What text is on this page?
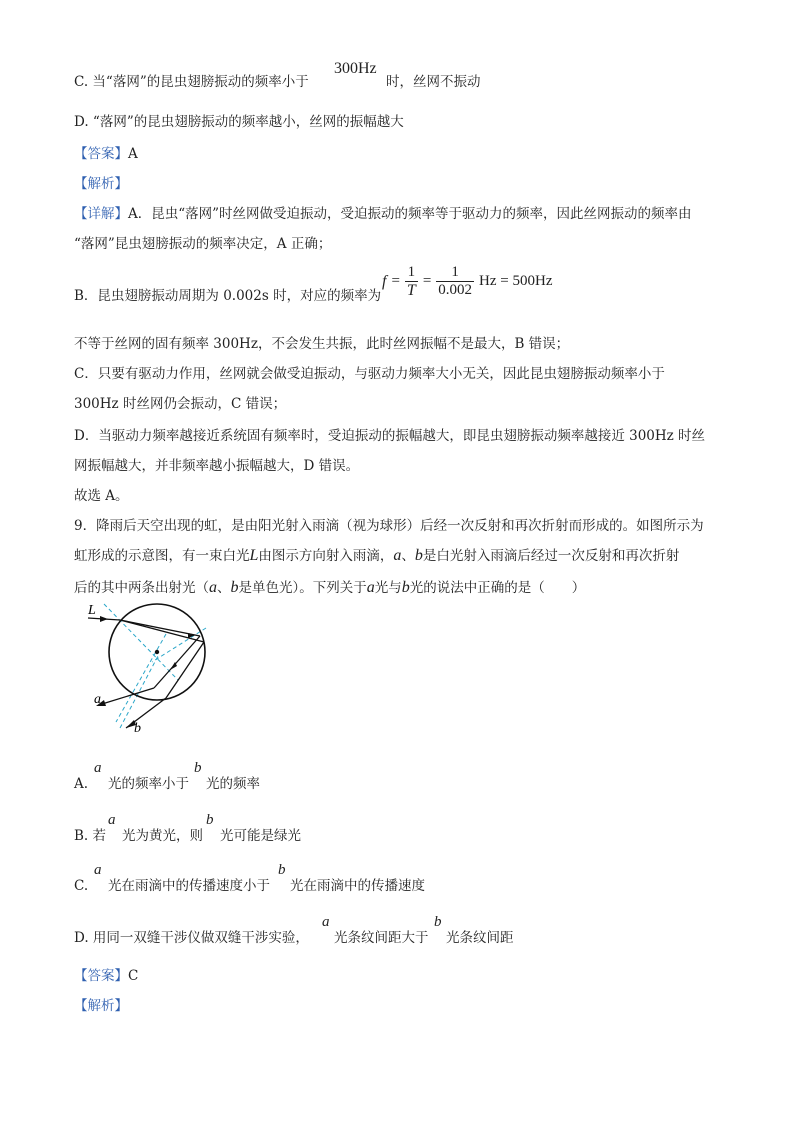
C. 当“落网”的昆虫翅膀振动的频率小于
300Hz
时，丝网不振动
D. “落网”的昆虫翅膀振动的频率越小，丝网的振幅越大
【答案】A
【解析】
【详解】A．昆虫“落网”时丝网做受迫振动，受迫振动的频率等于驱动力的频率，因此丝网振动的频率由
“落网”昆虫翅膀振动的频率决定，A 正确；
B．昆虫翅膀振动周期为 0.002s 时，对应的频率为
$f = \frac{1}{T} = \frac{1}{0.002}$ Hz = 500Hz
不等于丝网的固有频率 300Hz，不会发生共振，此时丝网振幅不是最大，B 错误；
C．只要有驱动力作用，丝网就会做受迫振动，与驱动力频率大小无关，因此昆虫翅膀振动频率小于
300Hz 时丝网仍会振动，C 错误；
D．当驱动力频率越接近系统固有频率时，受迫振动的振幅越大，即昆虫翅膀振动频率越接近 300Hz 时丝
网振幅越大，并非频率越小振幅越大，D 错误。
故选 A。
9．降雨后天空出现的虹，是由阳光射入雨滴（视为球形）后经一次反射和再次折射而形成的。如图所示为
虹形成的示意图，有一束白光L由图示方向射入雨滴，a、b是白光射入雨滴后经过一次反射和再次折射
后的其中两条出射光（a、b是单色光）。下列关于a光与b光的说法中正确的是（　　）
L
a
b
A.
a
光的频率小于
b
光的频率
B. 若
a
光为黄光，则
b
光可能是绿光
C.
a
光在雨滴中的传播速度小于
b
光在雨滴中的传播速度
D. 用同一双缝干涉仪做双缝干涉实验，
a
光条纹间距大于
b
光条纹间距
【答案】C
【解析】
